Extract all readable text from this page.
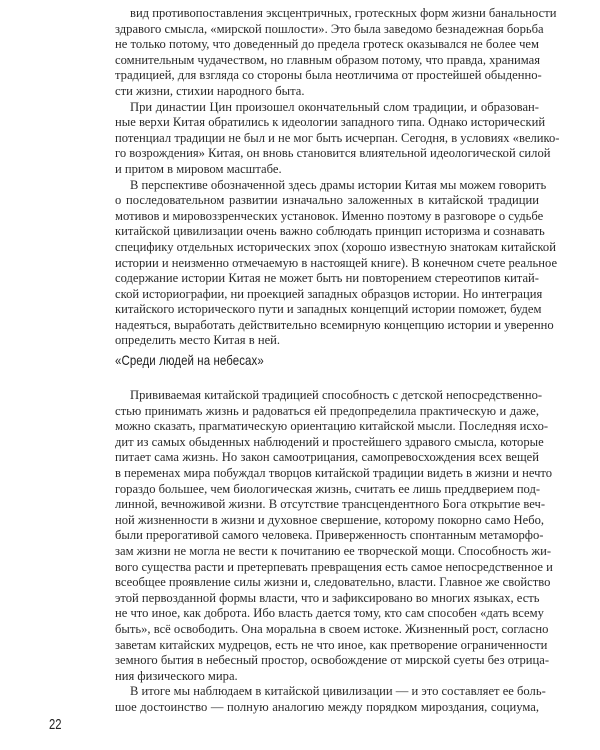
вид противопоставления эксцентричных, гротескных форм жизни банальности
здравого смысла, «мирской пошлости». Это была заведомо безнадежная борьба
не только потому, что доведенный до предела гротеск оказывался не более чем
сомнительным чудачеством, но главным образом потому, что правда, хранимая
традицией, для взгляда со стороны была неотличима от простейшей обыденно-
сти жизни, стихии народного быта.
При династии Цин произошел окончательный слом традиции, и образован-
ные верхи Китая обратились к идеологии западного типа. Однако исторический
потенциал традиции не был и не мог быть исчерпан. Сегодня, в условиях «велико-
го возрождения» Китая, он вновь становится влиятельной идеологической силой
и притом в мировом масштабе.
В перспективе обозначенной здесь драмы истории Китая мы можем говорить
о последовательном развитии изначально заложенных в китайской традиции
мотивов и мировоззренческих установок. Именно поэтому в разговоре о судьбе
китайской цивилизации очень важно соблюдать принцип историзма и сознавать
специфику отдельных исторических эпох (хорошо известную знатокам китайской
истории и неизменно отмечаемую в настоящей книге). В конечном счете реальное
содержание истории Китая не может быть ни повторением стереотипов китай-
ской историографии, ни проекцией западных образцов истории. Но интеграция
китайского исторического пути и западных концепций истории поможет, будем
надеяться, выработать действительно всемирную концепцию истории и уверенно
определить место Китая в ней.
«Среди людей на небесах»
Прививаемая китайской традицией способность с детской непосредственно-
стью принимать жизнь и радоваться ей предопределила практическую и даже,
можно сказать, прагматическую ориентацию китайской мысли. Последняя исхо-
дит из самых обыденных наблюдений и простейшего здравого смысла, которые
питает сама жизнь. Но закон самоотрицания, самопревосхождения всех вещей
в переменах мира побуждал творцов китайской традиции видеть в жизни и нечто
гораздо большее, чем биологическая жизнь, считать ее лишь преддверием под-
линной, вечноживой жизни. В отсутствие трансцендентного Бога открытие веч-
ной жизненности в жизни и духовное свершение, которому покорно само Небо,
были прерогативой самого человека. Приверженность спонтанным метаморфо-
зам жизни не могла не вести к почитанию ее творческой мощи. Способность жи-
вого существа расти и претерпевать превращения есть самое непосредственное и
всеобщее проявление силы жизни и, следовательно, власти. Главное же свойство
этой первозданной формы власти, что и зафиксировано во многих языках, есть
не что иное, как доброта. Ибо власть дается тому, кто сам способен «дать всему
быть», всё освободить. Она моральна в своем истоке. Жизненный рост, согласно
заветам китайских мудрецов, есть не что иное, как претворение ограниченности
земного бытия в небесный простор, освобождение от мирской суеты без отрица-
ния физического мира.
В итоге мы наблюдаем в китайской цивилизации — и это составляет ее боль-
шое достоинство — полную аналогию между порядком мироздания, социума,
22
